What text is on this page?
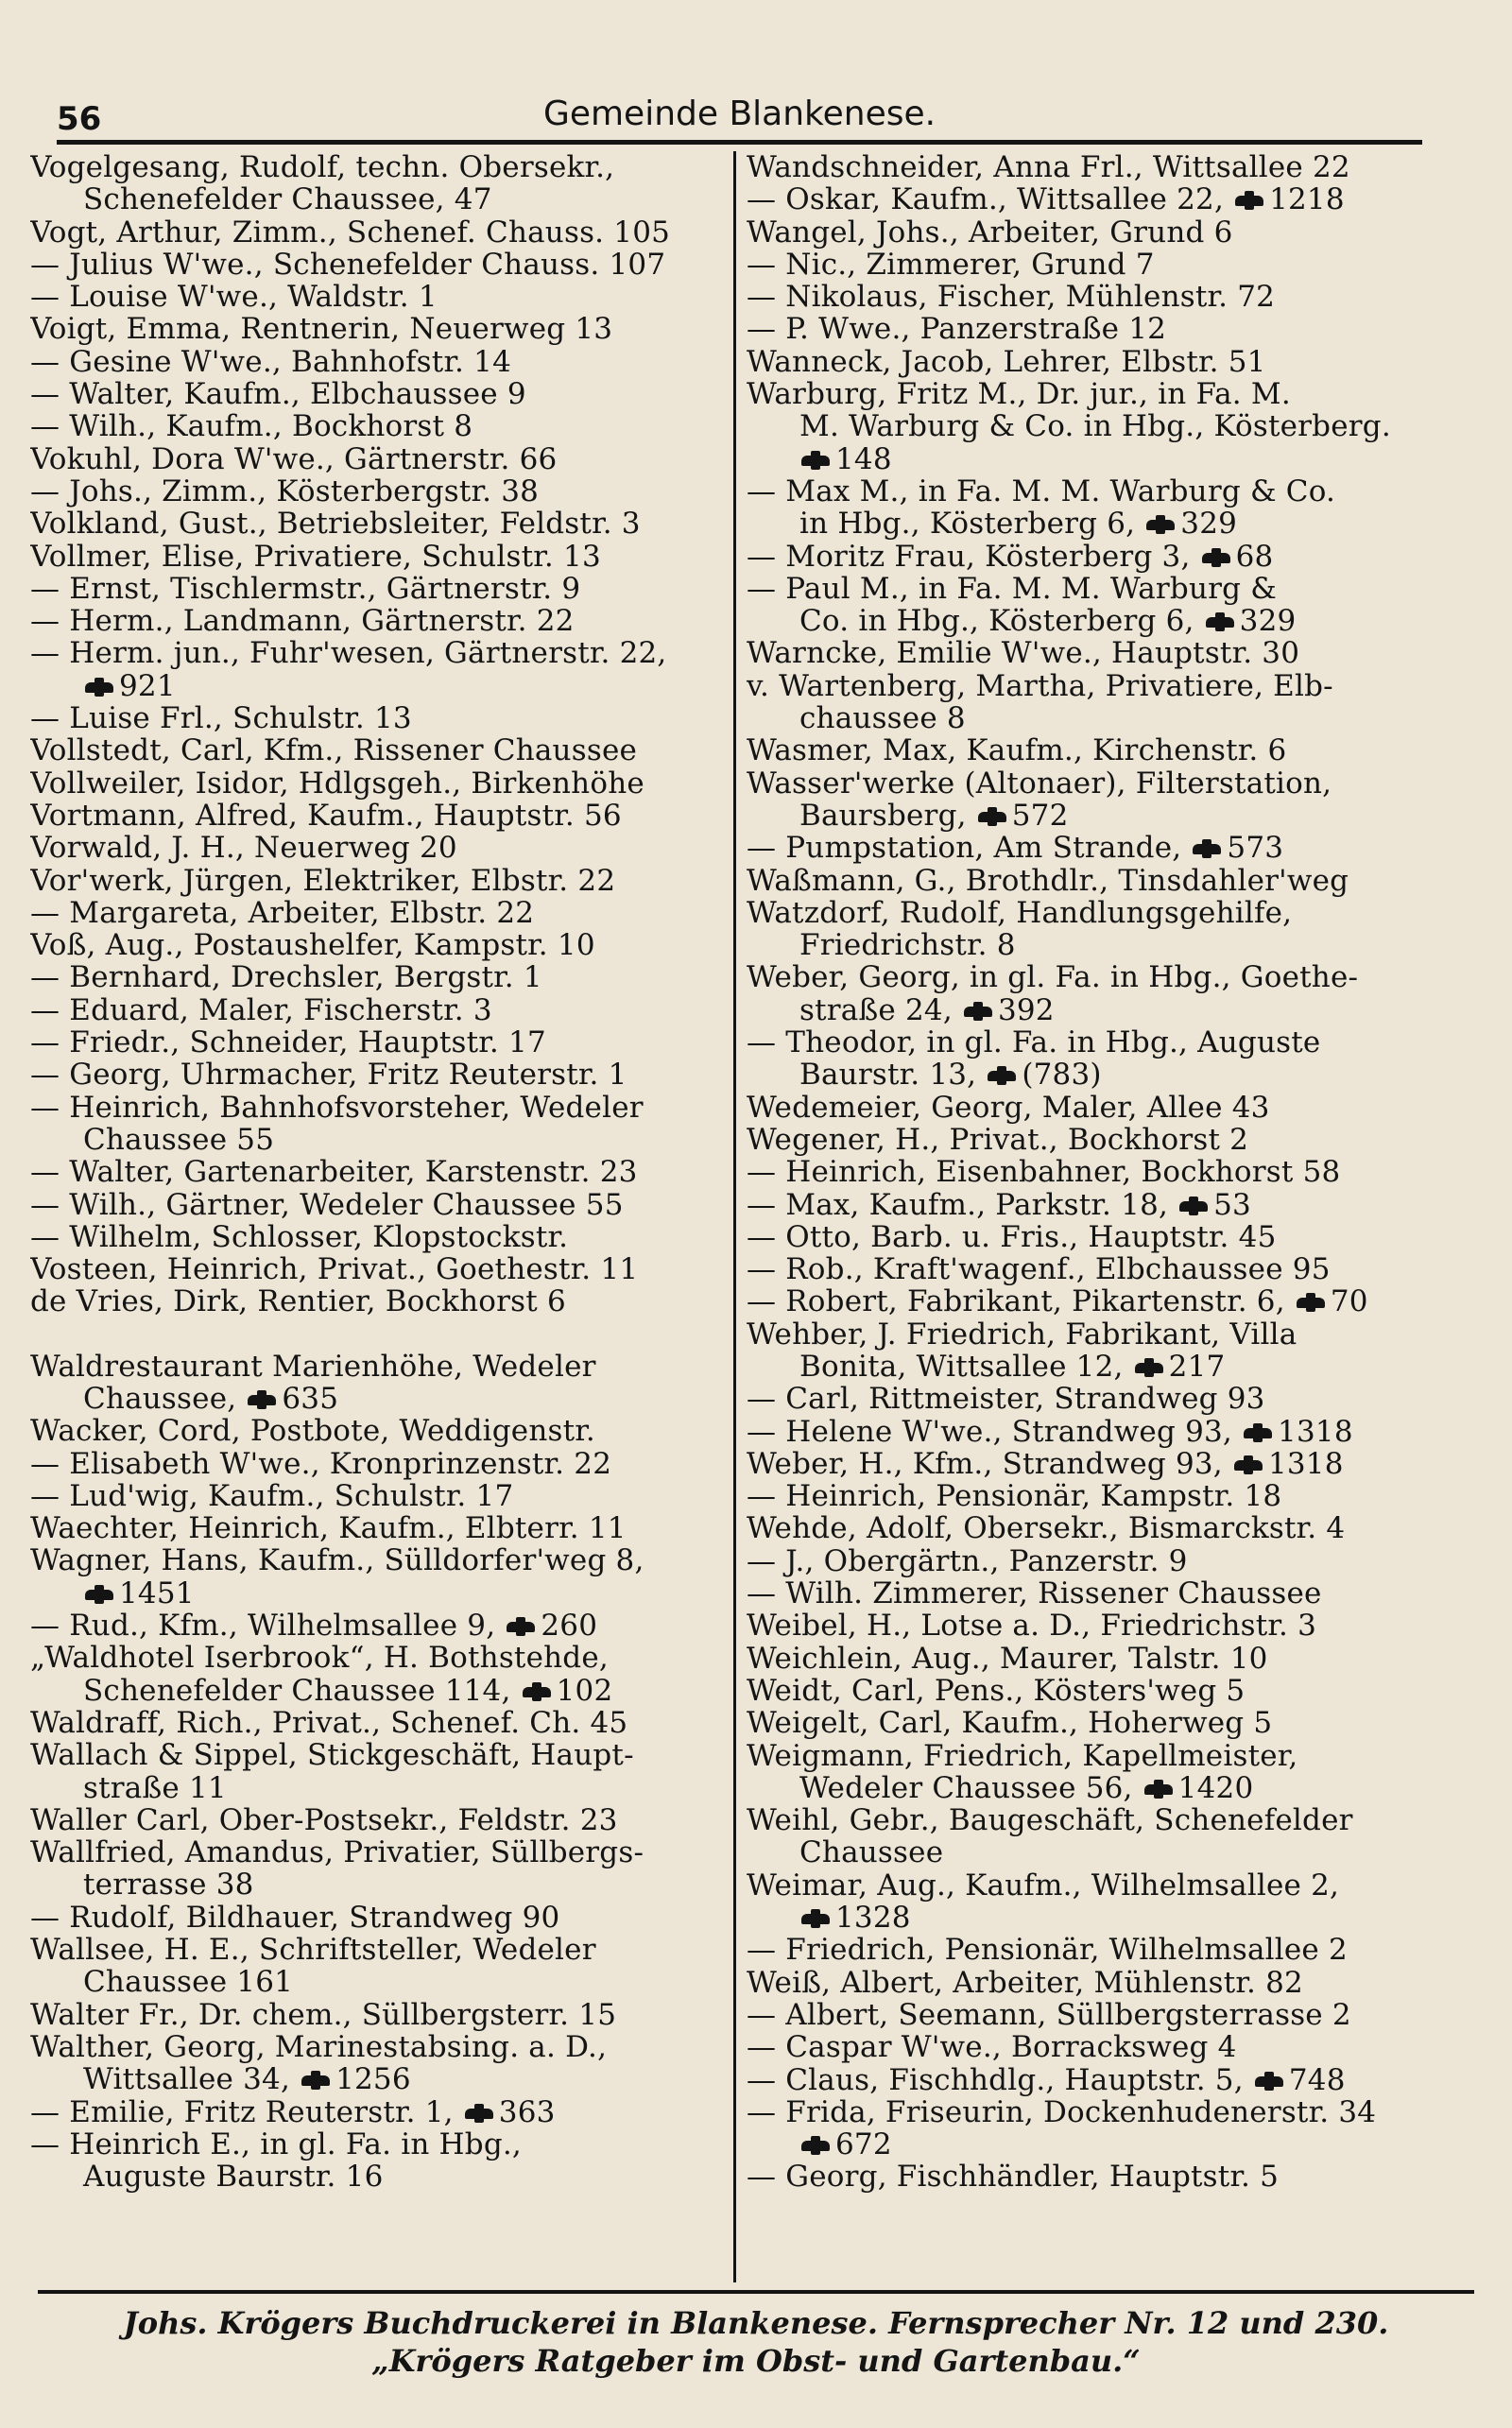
56	Gemeinde Blankenese.
Vogelgesang, Rudolf, techn. Obersekr.,
Schenefelder Chaussee, 47
Vogt, Arthur, Zimm., Schenef. Chauss. 105
— Julius W'we., Schenefelder Chauss. 107
— Louise W'we., Waldstr. 1
Voigt, Emma, Rentnerin, Neuerweg 13
— Gesine W'we., Bahnhofstr. 14
— Walter, Kaufm., Elbchaussee 9
— Wilh., Kaufm., Bockhorst 8
Vokuhl, Dora W'we., Gärtnerstr. 66
— Johs., Zimm., Kösterbergstr. 38
Volkland, Gust., Betriebsleiter, Feldstr. 3
Vollmer, Elise, Privatiere, Schulstr. 13
— Ernst, Tischlermstr., Gärtnerstr. 9
— Herm., Landmann, Gärtnerstr. 22
— Herm. jun., Fuhr'wesen, Gärtnerstr. 22,
921
— Luise Frl., Schulstr. 13
Vollstedt, Carl, Kfm., Rissener Chaussee
Vollweiler, Isidor, Hdlgsgeh., Birkenhöhe
Vortmann, Alfred, Kaufm., Hauptstr. 56
Vorwald, J. H., Neuerweg 20
Vor'werk, Jürgen, Elektriker, Elbstr. 22
— Margareta, Arbeiter, Elbstr. 22
Voß, Aug., Postaushelfer, Kampstr. 10
— Bernhard, Drechsler, Bergstr. 1
— Eduard, Maler, Fischerstr. 3
— Friedr., Schneider, Hauptstr. 17
— Georg, Uhrmacher, Fritz Reuterstr. 1
— Heinrich, Bahnhofsvorsteher, Wedeler
Chaussee 55
— Walter, Gartenarbeiter, Karstenstr. 23
— Wilh., Gärtner, Wedeler Chaussee 55
— Wilhelm, Schlosser, Klopstockstr.
Vosteen, Heinrich, Privat., Goethestr. 11
de Vries, Dirk, Rentier, Bockhorst 6
Waldrestaurant Marienhöhe, Wedeler
Chaussee, 635
Wacker, Cord, Postbote, Weddigenstr.
— Elisabeth W'we., Kronprinzenstr. 22
— Lud'wig, Kaufm., Schulstr. 17
Waechter, Heinrich, Kaufm., Elbterr. 11
Wagner, Hans, Kaufm., Sülldorfer'weg 8,
1451
— Rud., Kfm., Wilhelmsallee 9, 260
„Waldhotel Iserbrook“, H. Bothstehde,
Schenefelder Chaussee 114, 102
Waldraff, Rich., Privat., Schenef. Ch. 45
Wallach & Sippel, Stickgeschäft, Haupt-
straße 11
Waller Carl, Ober-Postsekr., Feldstr. 23
Wallfried, Amandus, Privatier, Süllbergs-
terrasse 38
— Rudolf, Bildhauer, Strandweg 90
Wallsee, H. E., Schriftsteller, Wedeler
Chaussee 161
Walter Fr., Dr. chem., Süllbergsterr. 15
Walther, Georg, Marinestabsing. a. D.,
Wittsallee 34, 1256
— Emilie, Fritz Reuterstr. 1, 363
— Heinrich E., in gl. Fa. in Hbg.,
Auguste Baurstr. 16
Wandschneider, Anna Frl., Wittsallee 22
— Oskar, Kaufm., Wittsallee 22, 1218
Wangel, Johs., Arbeiter, Grund 6
— Nic., Zimmerer, Grund 7
— Nikolaus, Fischer, Mühlenstr. 72
— P. Wwe., Panzerstraße 12
Wanneck, Jacob, Lehrer, Elbstr. 51
Warburg, Fritz M., Dr. jur., in Fa. M.
M. Warburg & Co. in Hbg., Kösterberg.
148
— Max M., in Fa. M. M. Warburg & Co.
in Hbg., Kösterberg 6, 329
— Moritz Frau, Kösterberg 3, 68
— Paul M., in Fa. M. M. Warburg &
Co. in Hbg., Kösterberg 6, 329
Warncke, Emilie W'we., Hauptstr. 30
v. Wartenberg, Martha, Privatiere, Elb-
chaussee 8
Wasmer, Max, Kaufm., Kirchenstr. 6
Wasser'werke (Altonaer), Filterstation,
Baursberg, 572
— Pumpstation, Am Strande, 573
Waßmann, G., Brothdlr., Tinsdahler'weg
Watzdorf, Rudolf, Handlungsgehilfe,
Friedrichstr. 8
Weber, Georg, in gl. Fa. in Hbg., Goethe-
straße 24, 392
— Theodor, in gl. Fa. in Hbg., Auguste
Baurstr. 13, (783)
Wedemeier, Georg, Maler, Allee 43
Wegener, H., Privat., Bockhorst 2
— Heinrich, Eisenbahner, Bockhorst 58
— Max, Kaufm., Parkstr. 18, 53
— Otto, Barb. u. Fris., Hauptstr. 45
— Rob., Kraft'wagenf., Elbchaussee 95
— Robert, Fabrikant, Pikartenstr. 6, 70
Wehber, J. Friedrich, Fabrikant, Villa
Bonita, Wittsallee 12, 217
— Carl, Rittmeister, Strandweg 93
— Helene W'we., Strandweg 93, 1318
Weber, H., Kfm., Strandweg 93, 1318
— Heinrich, Pensionär, Kampstr. 18
Wehde, Adolf, Obersekr., Bismarckstr. 4
— J., Obergärtn., Panzerstr. 9
— Wilh. Zimmerer, Rissener Chaussee
Weibel, H., Lotse a. D., Friedrichstr. 3
Weichlein, Aug., Maurer, Talstr. 10
Weidt, Carl, Pens., Kösters'weg 5
Weigelt, Carl, Kaufm., Hoherweg 5
Weigmann, Friedrich, Kapellmeister,
Wedeler Chaussee 56, 1420
Weihl, Gebr., Baugeschäft, Schenefelder
Chaussee
Weimar, Aug., Kaufm., Wilhelmsallee 2,
1328
— Friedrich, Pensionär, Wilhelmsallee 2
Weiß, Albert, Arbeiter, Mühlenstr. 82
— Albert, Seemann, Süllbergsterrasse 2
— Caspar W'we., Borracksweg 4
— Claus, Fischhdlg., Hauptstr. 5, 748
— Frida, Friseurin, Dockenhudenerstr. 34
672
— Georg, Fischhändler, Hauptstr. 5
Johs. Krögers Buchdruckerei in Blankenese. Fernsprecher Nr. 12 und 230.
„Krögers Ratgeber im Obst- und Gartenbau.“
